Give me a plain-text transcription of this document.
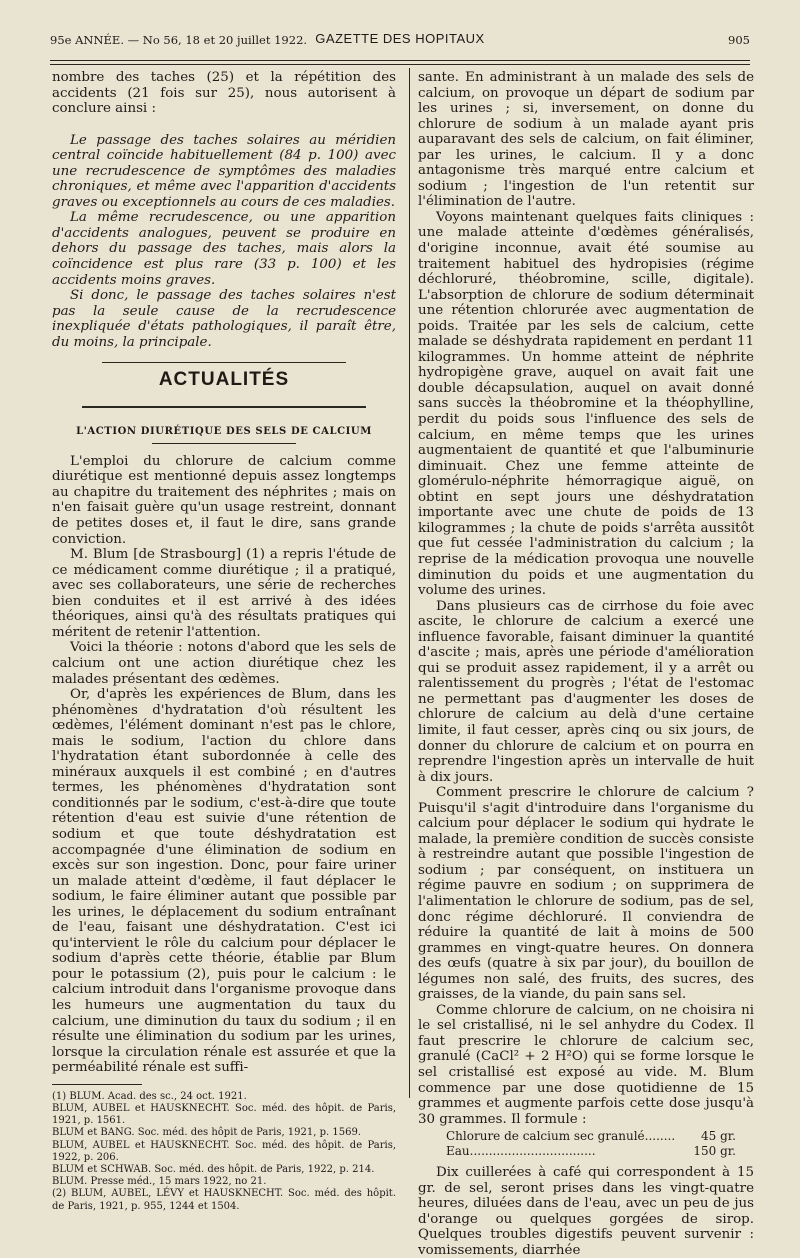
95e ANNÉE. — No 56, 18 et 20 juillet 1922. GAZETTE DES HOPITAUX	905

nombre des taches (25) et la répétition des accidents (21 fois sur 25), nous autorisent à conclure ainsi :

Le passage des taches solaires au méridien central coïncide habituellement (84 p. 100) avec une recrudescence de symptômes des maladies chroniques, et même avec l'apparition d'accidents graves ou exceptionnels au cours de ces maladies.

La même recrudescence, ou une apparition d'accidents analogues, peuvent se produire en dehors du passage des taches, mais alors la coïncidence est plus rare (33 p. 100) et les accidents moins graves.

Si donc, le passage des taches solaires n'est pas la seule cause de la recrudescence inexpliquée d'états pathologiques, il paraît être, du moins, la principale.

ACTUALITÉS
L'ACTION DIURÉTIQUE DES SELS DE CALCIUM

L'emploi du chlorure de calcium comme diurétique est mentionné depuis assez longtemps au chapitre du traitement des néphrites ; mais on n'en faisait guère qu'un usage restreint, donnant de petites doses et, il faut le dire, sans grande conviction.

M. Blum [de Strasbourg] (1) a repris l'étude de ce médicament comme diurétique ; il a pratiqué, avec ses collaborateurs, une série de recherches bien conduites et il est arrivé à des idées théoriques, ainsi qu'à des résultats pratiques qui méritent de retenir l'attention.

Voici la théorie : notons d'abord que les sels de calcium ont une action diurétique chez les malades présentant des œdèmes.

Or, d'après les expériences de Blum, dans les phénomènes d'hydratation d'où résultent les œdèmes, l'élément dominant n'est pas le chlore, mais le sodium, l'action du chlore dans l'hydratation étant subordonnée à celle des minéraux auxquels il est combiné ; en d'autres termes, les phénomènes d'hydratation sont conditionnés par le sodium, c'est-à-dire que toute rétention d'eau est suivie d'une rétention de sodium et que toute déshydratation est accompagnée d'une élimination de sodium en excès sur son ingestion. Donc, pour faire uriner un malade atteint d'œdème, il faut déplacer le sodium, le faire éliminer autant que possible par les urines, le déplacement du sodium entraînant de l'eau, faisant une déshydratation. C'est ici qu'intervient le rôle du calcium pour déplacer le sodium d'après cette théorie, établie par Blum pour le potassium (2), puis pour le calcium : le calcium introduit dans l'organisme provoque dans les humeurs une augmentation du taux du calcium, une diminution du taux du sodium ; il en résulte une élimination du sodium par les urines, lorsque la circulation rénale est assurée et que la perméabilité rénale est suffi-

(1) BLUM. Acad. des sc., 24 oct. 1921.

BLUM, AUBEL et HAUSKNECHT. Soc. méd. des hôpit. de Paris, 1921, p. 1561.

BLUM et BANG. Soc. méd. des hôpit de Paris, 1921, p. 1569.

BLUM, AUBEL et HAUSKNECHT. Soc. méd. des hôpit. de Paris, 1922, p. 206.

BLUM et SCHWAB. Soc. méd. des hôpit. de Paris, 1922, p. 214.

BLUM. Presse méd., 15 mars 1922, no 21.

(2) BLUM, AUBEL, LÉVY et HAUSKNECHT. Soc. méd. des hôpit. de Paris, 1921, p. 955, 1244 et 1504.

sante. En administrant à un malade des sels de calcium, on provoque un départ de sodium par les urines ; si, inversement, on donne du chlorure de sodium à un malade ayant pris auparavant des sels de calcium, on fait éliminer, par les urines, le calcium. Il y a donc antagonisme très marqué entre calcium et sodium ; l'ingestion de l'un retentit sur l'élimination de l'autre.

Voyons maintenant quelques faits cliniques : une malade atteinte d'œdèmes généralisés, d'origine inconnue, avait été soumise au traitement habituel des hydropisies (régime déchloruré, théobromine, scille, digitale). L'absorption de chlorure de sodium déterminait une rétention chlorurée avec augmentation de poids. Traitée par les sels de calcium, cette malade se déshydrata rapidement en perdant 11 kilogrammes. Un homme atteint de néphrite hydropigène grave, auquel on avait fait une double décapsulation, auquel on avait donné sans succès la théobromine et la théophylline, perdit du poids sous l'influence des sels de calcium, en même temps que les urines augmentaient de quantité et que l'albuminurie diminuait. Chez une femme atteinte de glomérulo-néphrite hémorragique aiguë, on obtint en sept jours une déshydratation importante avec une chute de poids de 13 kilogrammes ; la chute de poids s'arrêta aussitôt que fut cessée l'administration du calcium ; la reprise de la médication provoqua une nouvelle diminution du poids et une augmentation du volume des urines.

Dans plusieurs cas de cirrhose du foie avec ascite, le chlorure de calcium a exercé une influence favorable, faisant diminuer la quantité d'ascite ; mais, après une période d'amélioration qui se produit assez rapidement, il y a arrêt ou ralentissement du progrès ; l'état de l'estomac ne permettant pas d'augmenter les doses de chlorure de calcium au delà d'une certaine limite, il faut cesser, après cinq ou six jours, de donner du chlorure de calcium et on pourra en reprendre l'ingestion après un intervalle de huit à dix jours.

Comment prescrire le chlorure de calcium ? Puisqu'il s'agit d'introduire dans l'organisme du calcium pour déplacer le sodium qui hydrate le malade, la première condition de succès consiste à restreindre autant que possible l'ingestion de sodium ; par conséquent, on instituera un régime pauvre en sodium ; on supprimera de l'alimentation le chlorure de sodium, pas de sel, donc régime déchloruré. Il conviendra de réduire la quantité de lait à moins de 500 grammes en vingt-quatre heures. On donnera des œufs (quatre à six par jour), du bouillon de légumes non salé, des fruits, des sucres, des graisses, de la viande, du pain sans sel.

Comme chlorure de calcium, on ne choisira ni le sel cristallisé, ni le sel anhydre du Codex. Il faut prescrire le chlorure de calcium sec, granulé (CaCl² + 2 H²O) qui se forme lorsque le sel cristallisé est exposé au vide. M. Blum commence par une dose quotidienne de 15 grammes et augmente parfois cette dose jusqu'à 30 grammes. Il formule :

Chlorure de calcium sec granulé........ 45 gr.
Eau.................................	150 gr.

Dix cuillerées à café qui correspondent à 15 gr. de sel, seront prises dans les vingt-quatre heures, diluées dans de l'eau, avec un peu de jus d'orange ou quelques gorgées de sirop. Quelques troubles digestifs peuvent survenir : vomissements, diarrhée
